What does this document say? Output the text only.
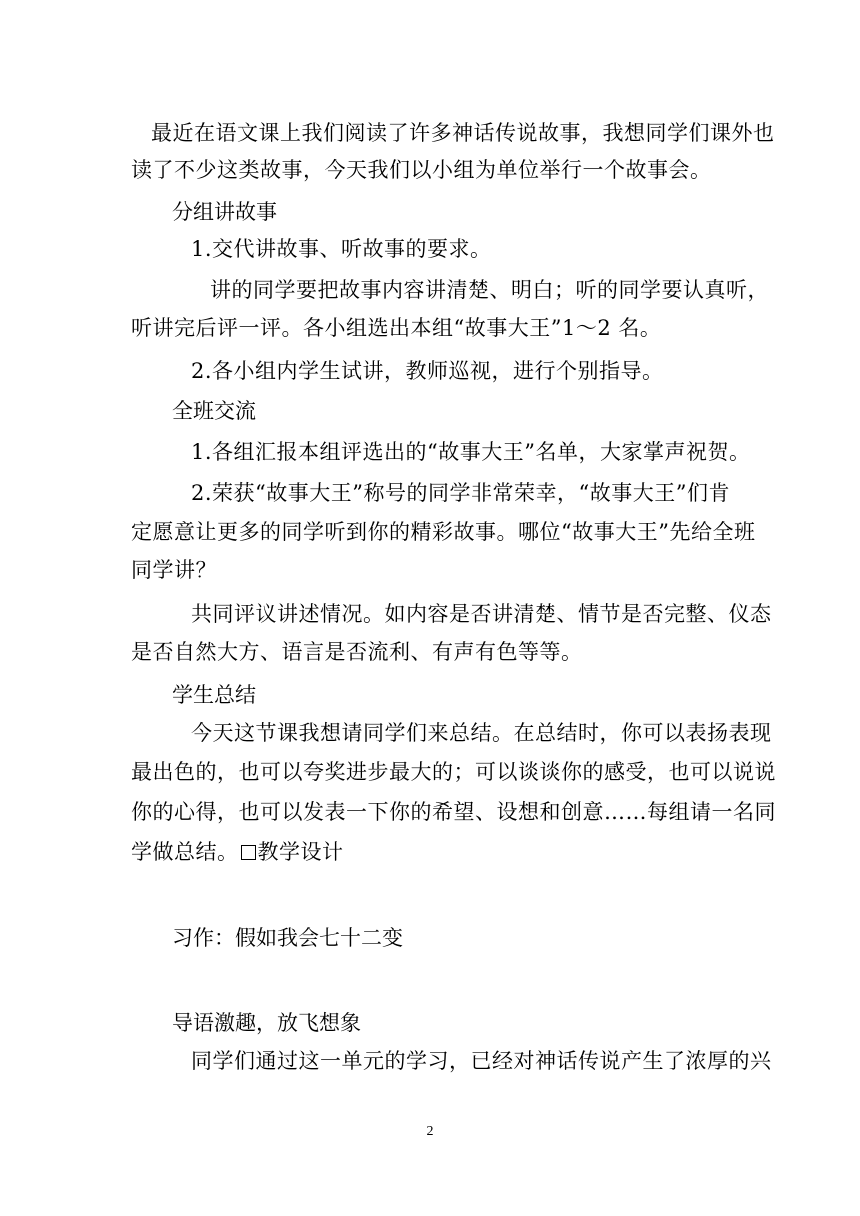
最近在语文课上我们阅读了许多神话传说故事，我想同学们课外也
读了不少这类故事，今天我们以小组为单位举行一个故事会。
分组讲故事
1.交代讲故事、听故事的要求。
讲的同学要把故事内容讲清楚、明白；听的同学要认真听，
听讲完后评一评。各小组选出本组“故事大王”1～2 名。
2.各小组内学生试讲，教师巡视，进行个别指导。
全班交流
1.各组汇报本组评选出的“故事大王”名单，大家掌声祝贺。
2.荣获“故事大王”称号的同学非常荣幸，“故事大王”们肯
定愿意让更多的同学听到你的精彩故事。哪位“故事大王”先给全班
同学讲？
共同评议讲述情况。如内容是否讲清楚、情节是否完整、仪态
是否自然大方、语言是否流利、有声有色等等。
学生总结
今天这节课我想请同学们来总结。在总结时，你可以表扬表现
最出色的，也可以夸奖进步最大的；可以谈谈你的感受，也可以说说
你的心得，也可以发表一下你的希望、设想和创意……每组请一名同
学做总结。 教学设计
习作：假如我会七十二变
导语激趣，放飞想象
同学们通过这一单元的学习，已经对神话传说产生了浓厚的兴
2
